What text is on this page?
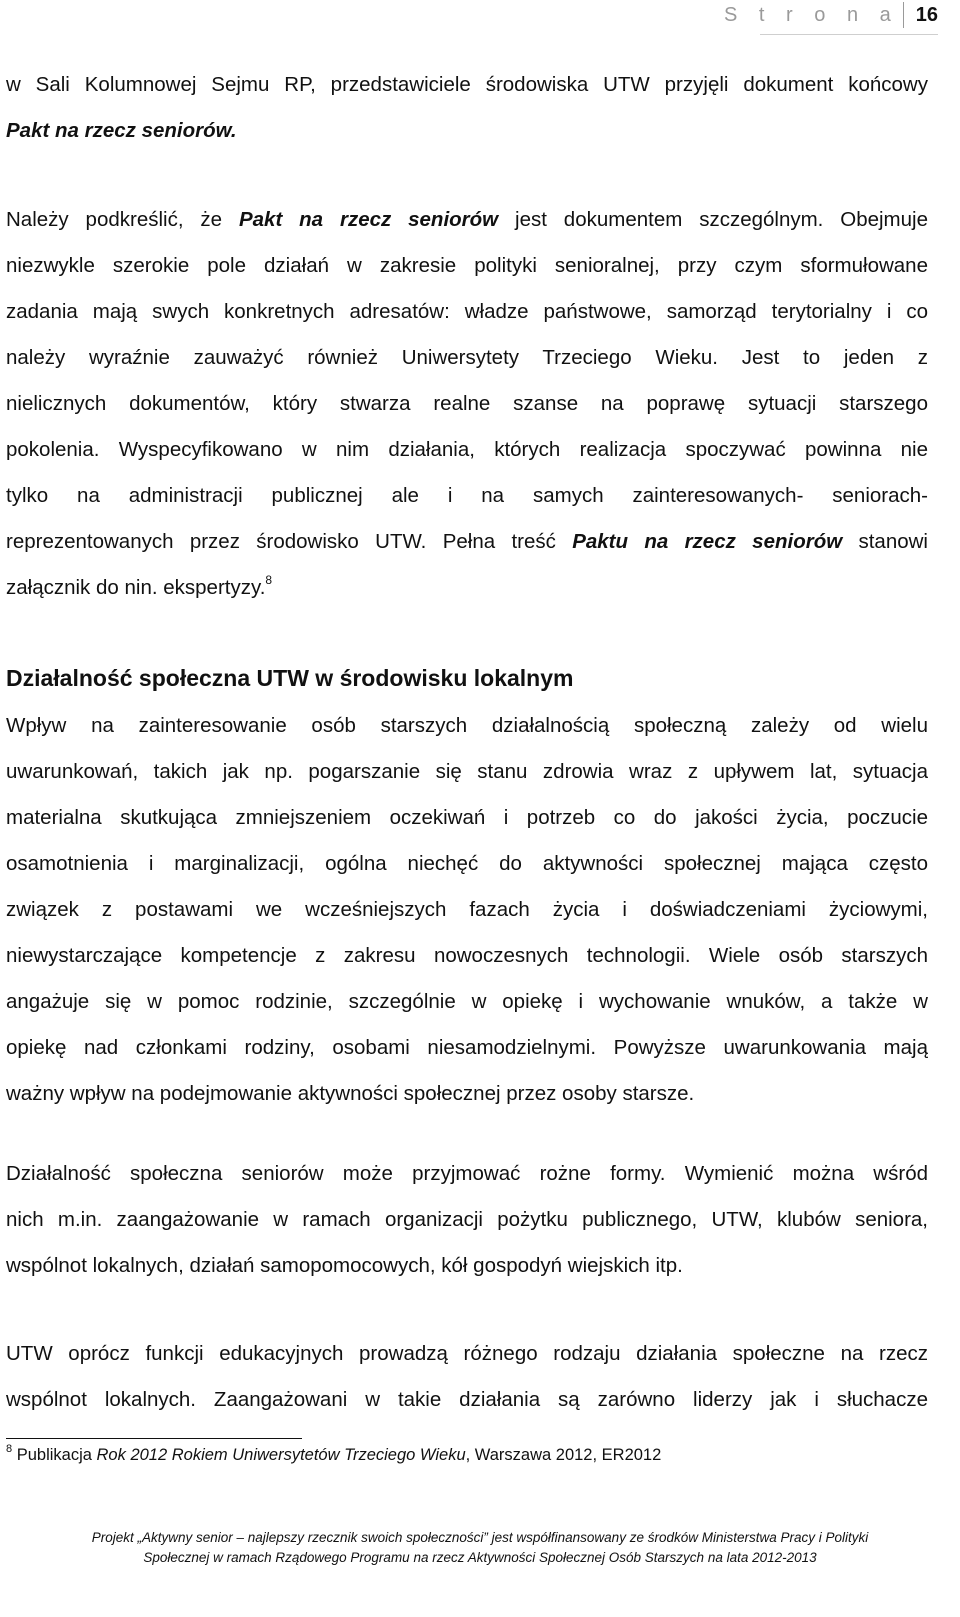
S t r o n a 16
w Sali Kolumnowej Sejmu RP, przedstawiciele środowiska UTW przyjęli dokument końcowy
Pakt na rzecz seniorów.
Należy podkreślić, że Pakt na rzecz seniorów jest dokumentem szczególnym. Obejmuje
niezwykle szerokie pole działań w zakresie polityki senioralnej, przy czym sformułowane
zadania mają swych konkretnych adresatów: władze państwowe, samorząd terytorialny i co
należy wyraźnie zauważyć również Uniwersytety Trzeciego Wieku. Jest to jeden z
nielicznych dokumentów, który stwarza realne szanse na poprawę sytuacji starszego
pokolenia. Wyspecyfikowano w nim działania, których realizacja spoczywać powinna nie
tylko na administracji publicznej ale i na samych zainteresowanych- seniorach-
reprezentowanych przez środowisko UTW. Pełna treść Paktu na rzecz seniorów stanowi
załącznik do nin. ekspertyzy.$^8$
Działalność społeczna UTW w środowisku lokalnym
Wpływ na zainteresowanie osób starszych działalnością społeczną zależy od wielu
uwarunkowań, takich jak np. pogarszanie się stanu zdrowia wraz z upływem lat, sytuacja
materialna skutkująca zmniejszeniem oczekiwań i potrzeb co do jakości życia, poczucie
osamotnienia i marginalizacji, ogólna niechęć do aktywności społecznej mająca często
związek z postawami we wcześniejszych fazach życia i doświadczeniami życiowymi,
niewystarczające kompetencje z zakresu nowoczesnych technologii. Wiele osób starszych
angażuje się w pomoc rodzinie, szczególnie w opiekę i wychowanie wnuków, a także w
opiekę nad członkami rodziny, osobami niesamodzielnymi. Powyższe uwarunkowania mają
ważny wpływ na podejmowanie aktywności społecznej przez osoby starsze.
Działalność społeczna seniorów może przyjmować rożne formy. Wymienić można wśród
nich m.in. zaangażowanie w ramach organizacji pożytku publicznego, UTW, klubów seniora,
wspólnot lokalnych, działań samopomocowych, kół gospodyń wiejskich itp.
UTW oprócz funkcji edukacyjnych prowadzą różnego rodzaju działania społeczne na rzecz
wspólnot lokalnych. Zaangażowani w takie działania są zarówno liderzy jak i słuchacze
$^8$ Publikacja Rok 2012 Rokiem Uniwersytetów Trzeciego Wieku, Warszawa 2012, ER2012
Projekt „Aktywny senior – najlepszy rzecznik swoich społeczności” jest współfinansowany ze środków Ministerstwa Pracy i Polityki
Społecznej w ramach Rządowego Programu na rzecz Aktywności Społecznej Osób Starszych na lata 2012-2013
